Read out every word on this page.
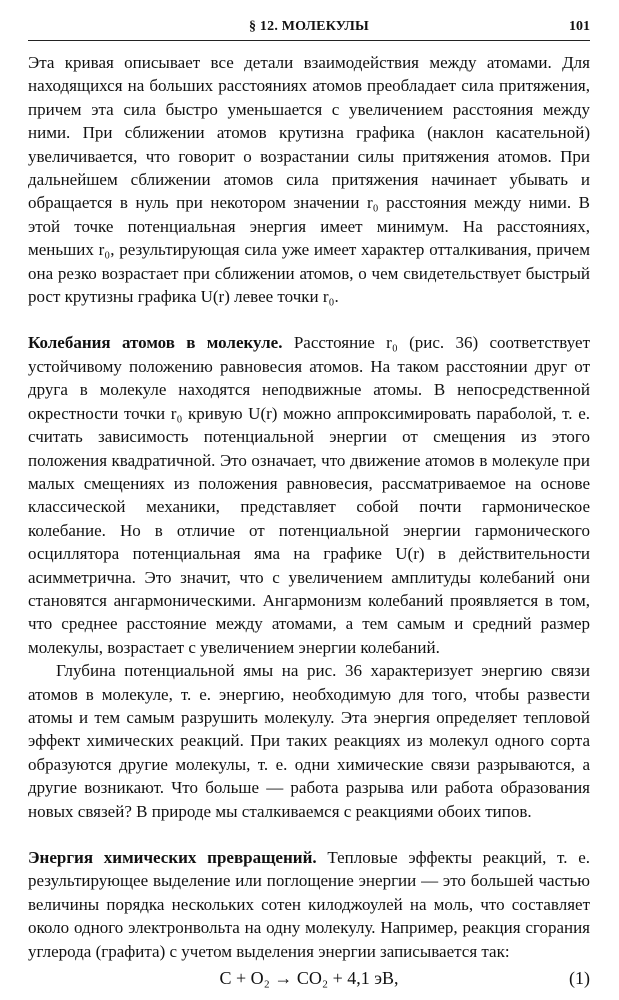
§ 12. МОЛЕКУЛЫ	101

Эта кривая описывает все детали взаимодействия между атомами. Для находящихся на больших расстояниях атомов преобладает сила притяжения, причем эта сила быстро уменьшается с увеличением расстояния между ними. При сближении атомов крутизна графика (наклон касательной) увеличивается, что говорит о возрастании силы притяжения атомов. При дальнейшем сближении атомов сила притяжения начинает убывать и обращается в нуль при некотором значении r₀ расстояния между ними. В этой точке потенциальная энергия имеет минимум. На расстояниях, меньших r₀, результирующая сила уже имеет характер отталкивания, причем она резко возрастает при сближении атомов, о чем свидетельствует быстрый рост крутизны графика U(r) левее точки r₀.

Колебания атомов в молекуле. Расстояние r₀ (рис. 36) соответствует устойчивому положению равновесия атомов. На таком расстоянии друг от друга в молекуле находятся неподвижные атомы. В непосредственной окрестности точки r₀ кривую U(r) можно аппроксимировать параболой, т. е. считать зависимость потенциальной энергии от смещения из этого положения квадратичной. Это означает, что движение атомов в молекуле при малых смещениях из положения равновесия, рассматриваемое на основе классической механики, представляет собой почти гармоническое колебание. Но в отличие от потенциальной энергии гармонического осциллятора потенциальная яма на графике U(r) в действительности асимметрична. Это значит, что с увеличением амплитуды колебаний они становятся ангармоническими. Ангармонизм колебаний проявляется в том, что среднее расстояние между атомами, а тем самым и средний размер молекулы, возрастает с увеличением энергии колебаний.

Глубина потенциальной ямы на рис. 36 характеризует энергию связи атомов в молекуле, т. е. энергию, необходимую для того, чтобы развести атомы и тем самым разрушить молекулу. Эта энергия определяет тепловой эффект химических реакций. При таких реакциях из молекул одного сорта образуются другие молекулы, т. е. одни химические связи разрываются, а другие возникают. Что больше — работа разрыва или работа образования новых связей? В природе мы сталкиваемся с реакциями обоих типов.

Энергия химических превращений. Тепловые эффекты реакций, т. е. результирующее выделение или поглощение энергии — это большей частью величины порядка нескольких сотен килоджоулей на моль, что составляет около одного электронвольта на одну молекулу. Например, реакция сгорания углерода (графита) с учетом выделения энергии записывается так:

C + O₂ → CO₂ + 4,1 эВ,	(1)
